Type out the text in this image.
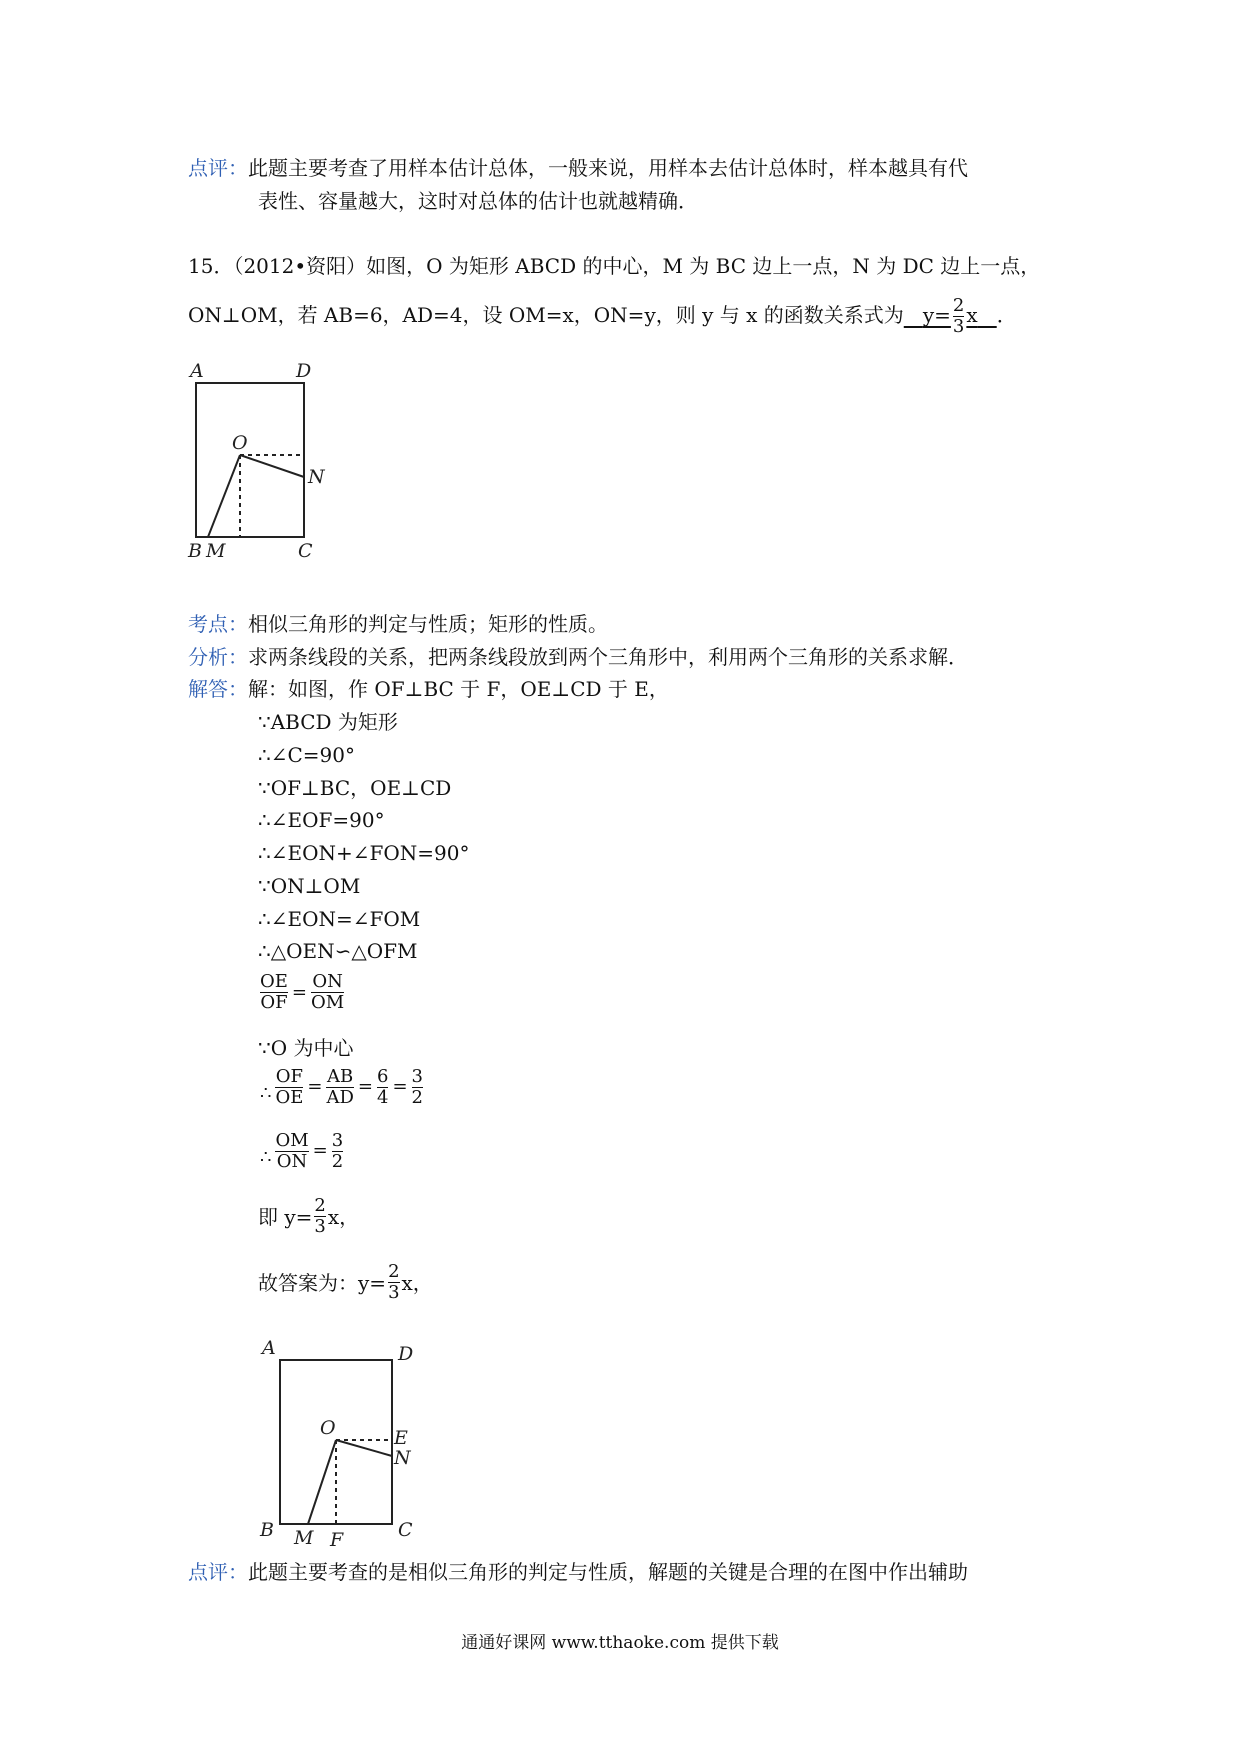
点评：此题主要考查了用样本估计总体，一般来说，用样本去估计总体时，样本越具有代
表性、容量越大，这时对总体的估计也就越精确．
15．（2012•资阳）如图，O 为矩形 ABCD 的中心，M 为 BC 边上一点，N 为 DC 边上一点，
ON⊥OM，若 AB=6，AD=4，设 OM=x，ON=y，则 y 与 x 的函数关系式为 $y= \frac{2}{3}$ x ．
A	D
O
N
B M	C
考点：相似三角形的判定与性质；矩形的性质。
分析：求两条线段的关系，把两条线段放到两个三角形中，利用两个三角形的关系求解．
解答：解：如图，作 OF⊥BC 于 F，OE⊥CD 于 E，
∵ABCD 为矩形
∴∠C=90°
∵OF⊥BC，OE⊥CD
∴∠EOF=90°
∴∠EON+∠FON=90°
∵ON⊥OM
∴∠EON=∠FOM
∴△OEN∽△OFM
$\frac{OE}{OF} = \frac{ON}{OM}$
∵O 为中心
∴ $\frac{OF}{OE} = \frac{AB}{AD} = \frac{6}{4} = \frac{3}{2}$
∴ $\frac{OM}{ON} = \frac{3}{2}$
即 $y= \frac{2}{3}$ x，
故答案为：$y= \frac{2}{3}$ x，
A	D
O	E
N
B M F	C
点评：此题主要考查的是相似三角形的判定与性质，解题的关键是合理的在图中作出辅助
通通好课网 www.tthaoke.com 提供下载
